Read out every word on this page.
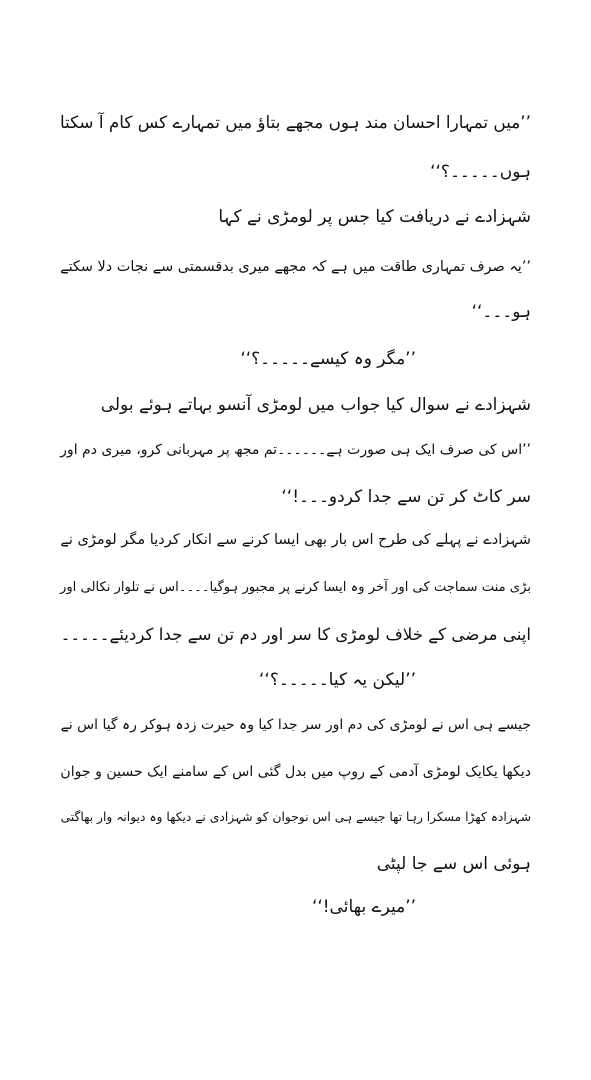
’’میں تمہارا احسان مند ہوں مجھے بتاؤ میں تمہارے کس کام آ سکتا
ہوں۔۔۔۔۔؟‘‘
شہزادے نے دریافت کیا جس پر لومڑی نے کہا
’’یہ صرف تمہاری طاقت میں ہے کہ مجھے میری بدقسمتی سے نجات دلا سکتے
ہو۔۔۔‘‘
’’مگر وہ کیسے۔۔۔۔۔؟‘‘
شہزادے نے سوال کیا جواب میں لومڑی آنسو بہاتے ہوئے بولی
’’اس کی صرف ایک ہی صورت ہے۔۔۔۔۔۔تم مجھ پر مہربانی کرو، میری دم اور
سر کاٹ کر تن سے جدا کردو۔۔۔!‘‘
شہزادے نے پہلے کی طرح اس بار بھی ایسا کرنے سے انکار کردیا مگر لومڑی نے
بڑی منت سماجت کی اور آخر وہ ایسا کرنے پر مجبور ہوگیا۔۔۔۔اس نے تلوار نکالی اور
اپنی مرضی کے خلاف لومڑی کا سر اور دم تن سے جدا کردیئے۔۔۔۔۔
’’لیکن یہ کیا۔۔۔۔۔؟‘‘
جیسے ہی اس نے لومڑی کی دم اور سر جدا کیا وہ حیرت زدہ ہوکر رہ گیا اس نے
دیکھا یکایک لومڑی آدمی کے روپ میں بدل گئی اس کے سامنے ایک حسین و جوان
شہزادہ کھڑا مسکرا رہا تھا جیسے ہی اس نوجوان کو شہزادی نے دیکھا وہ دیوانہ وار بھاگتی
ہوئی اس سے جا لپٹی
’’میرے بھائی!‘‘
